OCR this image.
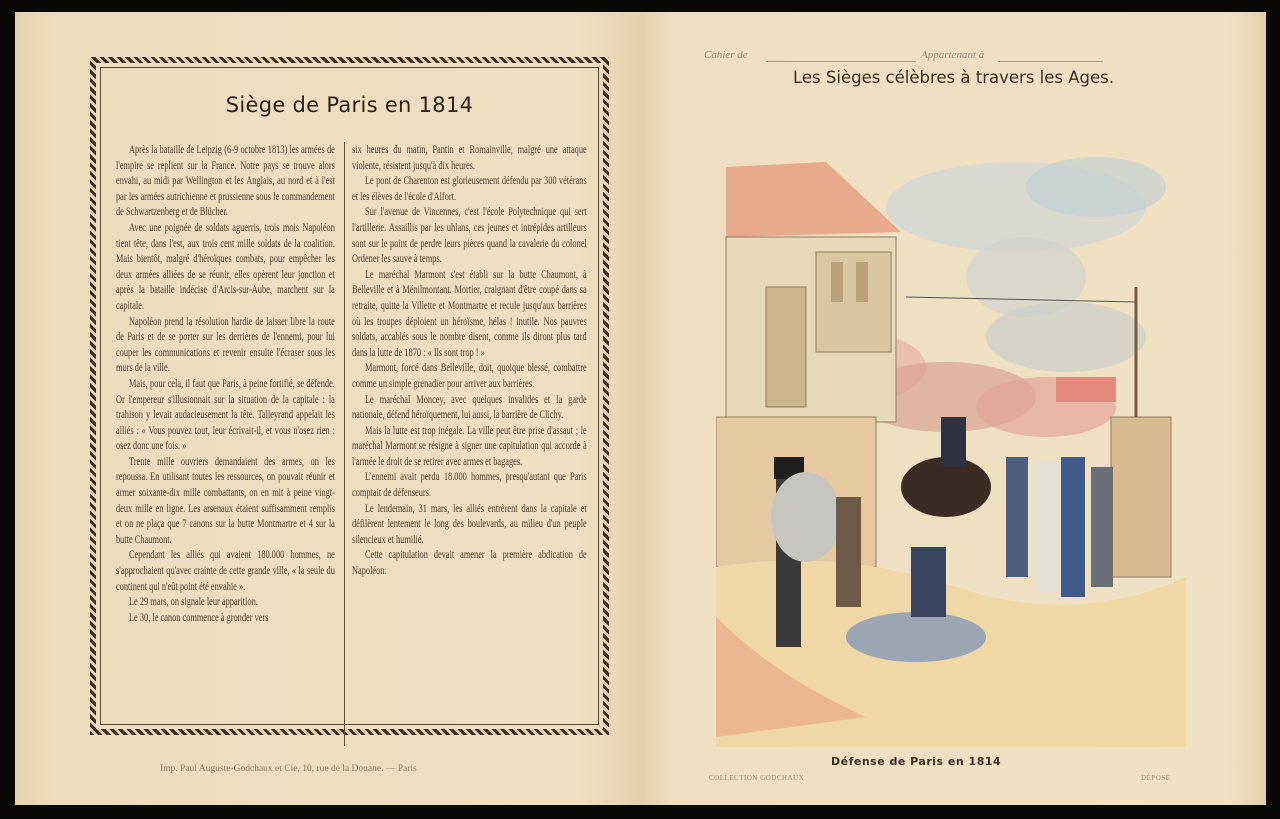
Siège de Paris en 1814

Après la bataille de Leipzig (6-9 octobre 1813) les armées de l'empire se replient sur la France. Notre pays se trouve alors envahi, au midi par Wellington et les Anglais, au nord et à l'est par les armées autrichienne et prussienne sous le commandement de Schwartzenberg et de Blücher.

Avec une poignée de soldats aguerris, trois mois Napoléon tient tête, dans l'est, aux trois cent mille soldats de la coalition. Mais bientôt, malgré d'héroïques combats, pour empêcher les deux armées alliées de se réunir, elles opèrent leur jonction et après la bataille indécise d'Arcis-sur-Aube, marchent sur la capitale.

Napoléon prend la résolution hardie de laisser libre la route de Paris et de se porter sur les derrières de l'ennemi, pour lui couper les communications et revenir ensuite l'écraser sous les murs de la ville.

Mais, pour cela, il faut que Paris, à peine fortifié, se défende. Or l'empereur s'illusionnait sur la situation de la capitale : la trahison y levait audacieusement la tête. Talleyrand appelait les alliés : « Vous pouvez tout, leur écrivait-il, et vous n'osez rien : osez donc une fois. »

Trente mille ouvriers demandaient des armes, on les repoussa. En utilisant toutes les ressources, on pouvait réunir et armer soixante-dix mille combattants, on en mit à peine vingt-deux mille en ligne. Les arsenaux étaient suffisamment remplis et on ne plaça que 7 canons sur la butte Montmartre et 4 sur la butte Chaumont.

Cependant les alliés qui avaient 180.000 hommes, ne s'approchaient qu'avec crainte de cette grande ville, « la seule du continent qui n'eût point été envahie ».

Le 29 mars, on signale leur apparition.

Le 30, le canon commence à gronder vers

six heures du matin, Pantin et Romainville, malgré une attaque violente, résistent jusqu'à dix heures.

Le pont de Charenton est glorieusement défendu par 300 vétérans et les élèves de l'école d'Alfort.

Sur l'avenue de Vincennes, c'est l'école Polytechnique qui sert l'artillerie. Assaillis par les uhlans, ces jeunes et intrépides artilleurs sont sur le point de perdre leurs pièces quand la cavalerie du colonel Ordener les sauve à temps.

Le maréchal Marmont s'est établi sur la butte Chaumont, à Belleville et à Ménilmontant. Mortier, craignant d'être coupé dans sa retraite, quitte la Villette et Montmartre et recule jusqu'aux barrières où les troupes déploient un héroïsme, hélas ! inutile. Nos pauvres soldats, accablés sous le nombre disent, comme ils diront plus tard dans la lutte de 1870 : « Ils sont trop ! »

Marmont, forcé dans Belleville, doit, quoique blessé, combattre comme un simple grenadier pour arriver aux barrières.

Le maréchal Moncey, avec quelques invalides et la garde nationale, défend héroïquement, lui aussi, la barrière de Clichy.

Mais la lutte est trop inégale. La ville peut être prise d'assaut ; le maréchal Marmont se résigne à signer une capitulation qui accorde à l'armée le droit de se retirer avec armes et bagages.

L'ennemi avait perdu 18.000 hommes, presqu'autant que Paris comptait de défenseurs.

Le lendemain, 31 mars, les alliés entrèrent dans la capitale et défilèrent lentement le long des boulevards, au milieu d'un peuple silencieux et humilié.

Cette capitulation devait amener la première abdication de Napoléon.

Imp. Paul Auguste-Godchaux et Cie, 10, rue de la Douane. — Paris
Cahier de	Appartenant à
Les Sièges célèbres à travers les Ages.
Défense de Paris en 1814
COLLECTION GODCHAUX	DÉPOSÉ
